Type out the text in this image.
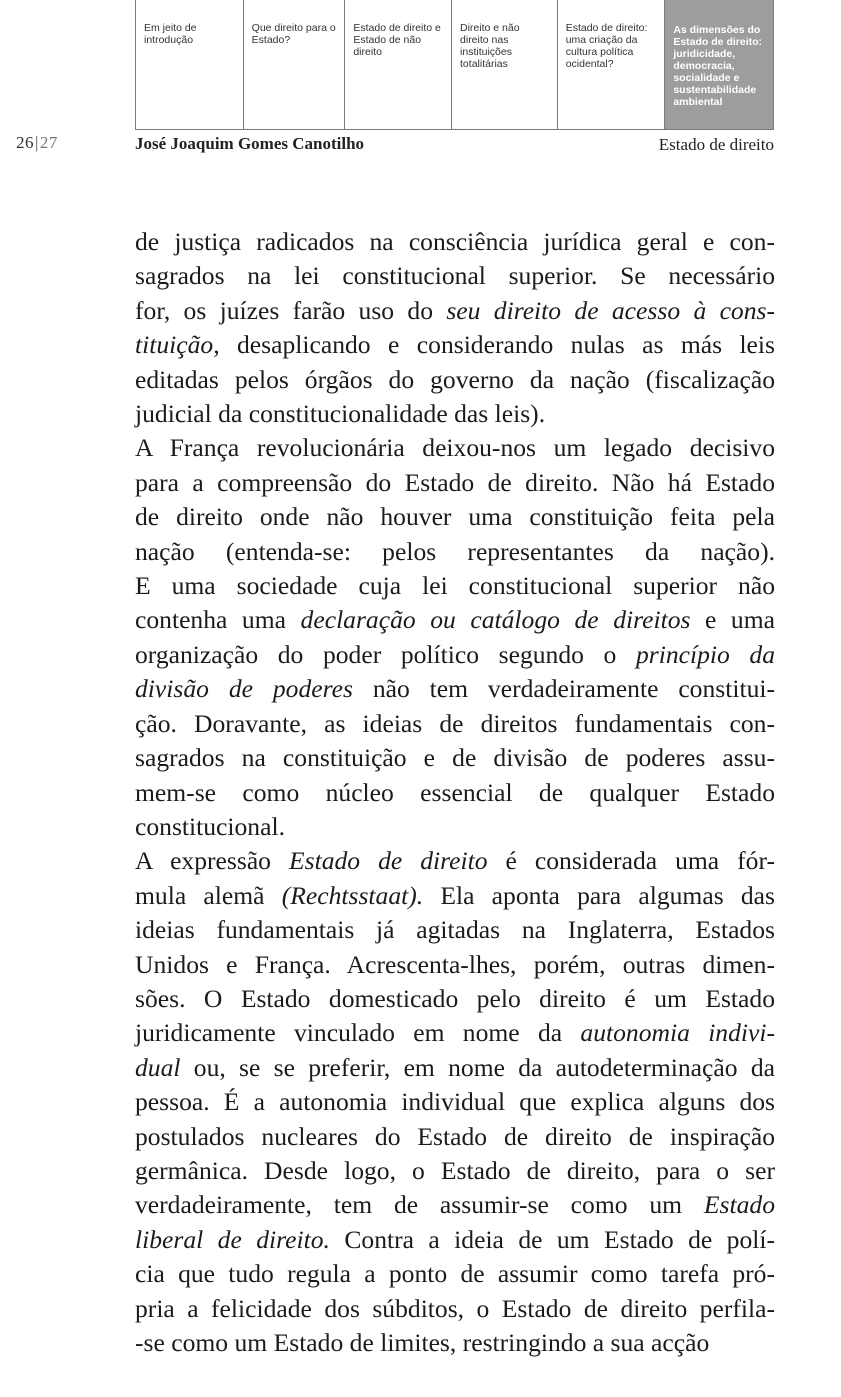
Em jeito de introdução
Que direito para o Estado?
Estado de direito e Estado de não direito
Direito e não direito nas instituições totalitárias
Estado de direito: uma criação da cultura política ocidental?
As dimensões do Estado de direito: juridicidade, democracia, socialidade e sustentabilidade ambiental
26|27	José Joaquim Gomes Canotilho	Estado de direito
de justiça radicados na consciência jurídica geral e con-
sagrados na lei constitucional superior. Se necessário
for, os juízes farão uso do seu direito de acesso à cons-
tituição, desaplicando e considerando nulas as más leis
editadas pelos órgãos do governo da nação (fiscalização
judicial da constitucionalidade das leis).
A França revolucionária deixou-nos um legado decisivo
para a compreensão do Estado de direito. Não há Estado
de direito onde não houver uma constituição feita pela
nação (entenda-se: pelos representantes da nação).
E uma sociedade cuja lei constitucional superior não
contenha uma declaração ou catálogo de direitos e uma
organização do poder político segundo o princípio da
divisão de poderes não tem verdadeiramente constitui-
ção. Doravante, as ideias de direitos fundamentais con-
sagrados na constituição e de divisão de poderes assu-
mem-se como núcleo essencial de qualquer Estado
constitucional.
A expressão Estado de direito é considerada uma fór-
mula alemã (Rechtsstaat). Ela aponta para algumas das
ideias fundamentais já agitadas na Inglaterra, Estados
Unidos e França. Acrescenta-lhes, porém, outras dimen-
sões. O Estado domesticado pelo direito é um Estado
juridicamente vinculado em nome da autonomia indivi-
dual ou, se se preferir, em nome da autodeterminação da
pessoa. É a autonomia individual que explica alguns dos
postulados nucleares do Estado de direito de inspiração
germânica. Desde logo, o Estado de direito, para o ser
verdadeiramente, tem de assumir-se como um Estado
liberal de direito. Contra a ideia de um Estado de polí-
cia que tudo regula a ponto de assumir como tarefa pró-
pria a felicidade dos súbditos, o Estado de direito perfila-
-se como um Estado de limites, restringindo a sua acção
